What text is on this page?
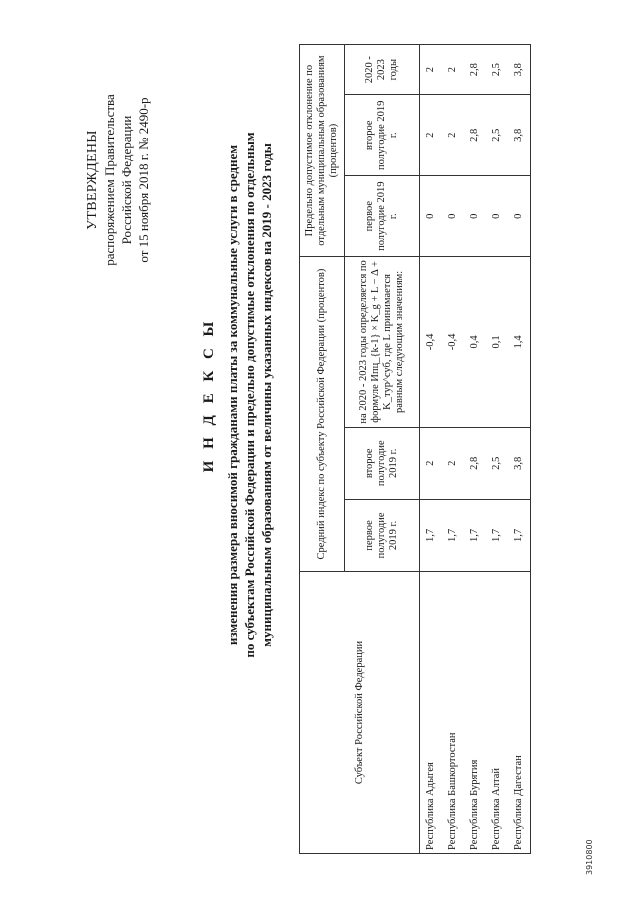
УТВЕРЖДЕНЫ распоряжением Правительства Российской Федерации от 15 ноября 2018 г. № 2490-р
И Н Д Е К С Ы изменения размера вносимой гражданами платы за коммунальные услуги в среднем по субъектам Российской Федерации и предельно допустимые отклонения по отдельным муниципальным образованиям от величины указанных индексов на 2019 - 2023 годы
3910800
Субъект Российской Федерации	Средний индекс по субъекту Российской Федерации (процентов)			Предельно допустимое отклонение по отдельным муниципальным образованиям (процентов)		
	первое полугодие 2019 г.	второе полугодие 2019 г.	на 2020 - 2023 годы определяется по формуле Ипц_{k-1} × K_g + L − Δ + K_тур^суб, где L принимается равным следующим значениям:	первое полугодие 2019 г.	второе полугодие 2019 г.	2020 - 2023 годы
Республика Адыгея	1,7	2	-0,4	0	2	2
Республика Башкортостан	1,7	2	-0,4	0	2	2
Республика Бурятия	1,7	2,8	0,4	0	2,8	2,8
Республика Алтай	1,7	2,5	0,1	0	2,5	2,5
Республика Дагестан	1,7	3,8	1,4	0	3,8	3,8
